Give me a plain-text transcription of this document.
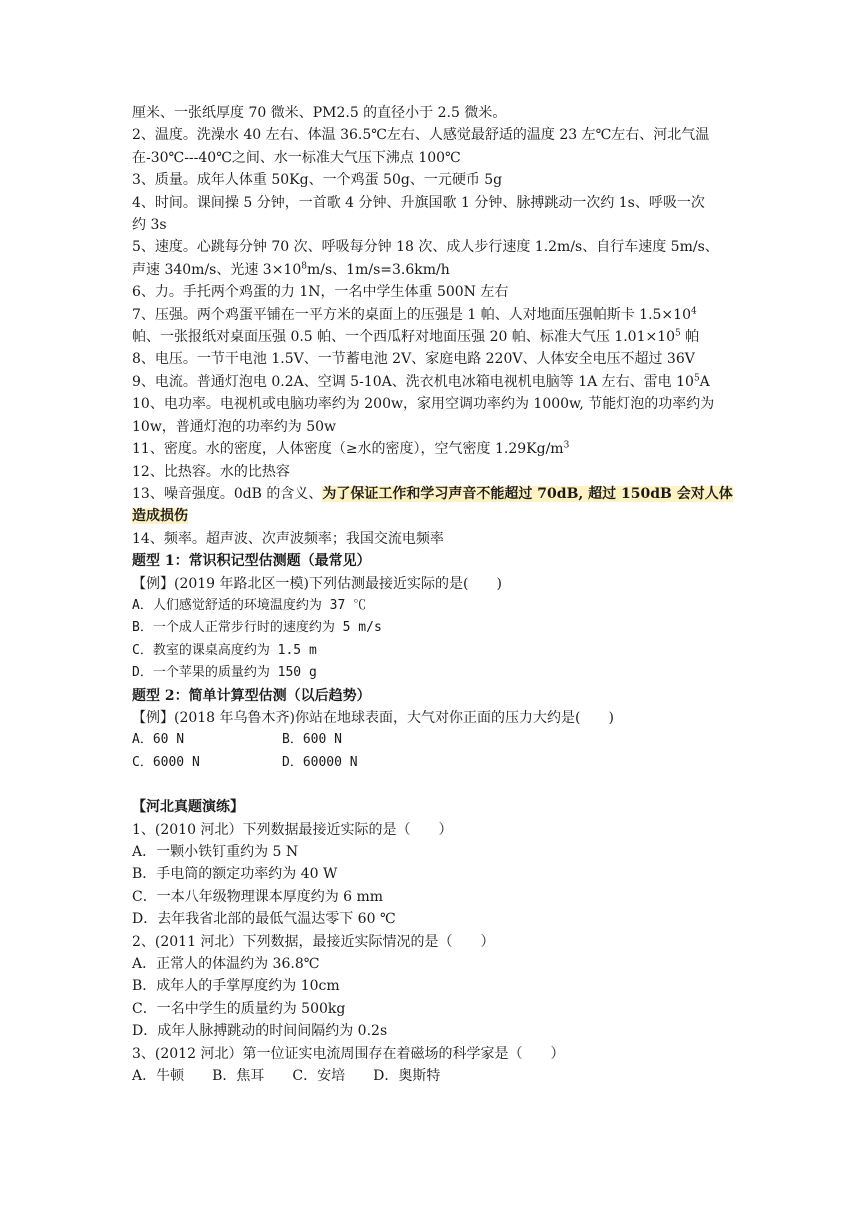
厘米、一张纸厚度 70 微米、PM2.5 的直径小于 2.5 微米。
2、温度。洗澡水 40 左右、体温 36.5℃左右、人感觉最舒适的温度 23 左℃左右、河北气温
在-30℃---40℃之间、水一标准大气压下沸点 100℃
3、质量。成年人体重 50Kg、一个鸡蛋 50g、一元硬币 5g
4、时间。课间操 5 分钟，一首歌 4 分钟、升旗国歌 1 分钟、脉搏跳动一次约 1s、呼吸一次
约 3s
5、速度。心跳每分钟 70 次、呼吸每分钟 18 次、成人步行速度 1.2m/s、自行车速度 5m/s、
声速 340m/s、光速 $3\times 10^8m/s$、1m/s=3.6km/h
6、力。手托两个鸡蛋的力 1N，一名中学生体重 500N 左右
7、压强。两个鸡蛋平铺在一平方米的桌面上的压强是 1 帕、人对地面压强帕斯卡 $1.5\times 10^4$
帕、一张报纸对桌面压强 0.5 帕、一个西瓜籽对地面压强 20 帕、标准大气压 $1.01\times 10^5$ 帕
8、电压。一节干电池 1.5V、一节蓄电池 2V、家庭电路 220V、人体安全电压不超过 36V
9、电流。普通灯泡电 0.2A、空调 5-10A、洗衣机电冰箱电视机电脑等 1A 左右、雷电 $10^5A$
10、电功率。电视机或电脑功率约为 200w，家用空调功率约为 1000w, 节能灯泡的功率约为
10w，普通灯泡的功率约为 50w
11、密度。水的密度，人体密度（≥水的密度），空气密度 $1.29Kg/m^3$
12、比热容。水的比热容
13、噪音强度。0dB 的含义、为了保证工作和学习声音不能超过 70dB, 超过 150dB 会对人体
造成损伤
14、频率。超声波、次声波频率；我国交流电频率
题型 1：常识积记型估测题（最常见）
【例】(2019 年路北区一模)下列估测最接近实际的是(　　)
A．人们感觉舒适的环境温度约为 37 ℃
B．一个成人正常步行时的速度约为 5 m/s
C．教室的课桌高度约为 1.5 m
D．一个苹果的质量约为 150 g
题型 2：简单计算型估测（以后趋势）
【例】(2018 年乌鲁木齐)你站在地球表面，大气对你正面的压力大约是(　　)
A．60 N	B．600 N
C．6000 N	D．60000 N
【河北真题演练】
1、(2010 河北）下列数据最接近实际的是（　　）
A．一颗小铁钉重约为 5 N
B．手电筒的额定功率约为 40 W
C．一本八年级物理课本厚度约为 6 mm
D．去年我省北部的最低气温达零下 60 ℃
2、(2011 河北）下列数据，最接近实际情况的是（　　）
A．正常人的体温约为 36.8℃
B．成年人的手掌厚度约为 10cm
C．一名中学生的质量约为 500kg
D．成年人脉搏跳动的时间间隔约为 0.2s
3、(2012 河北）第一位证实电流周围存在着磁场的科学家是（　　）
A．牛顿　　B．焦耳　　C．安培　　D．奥斯特
